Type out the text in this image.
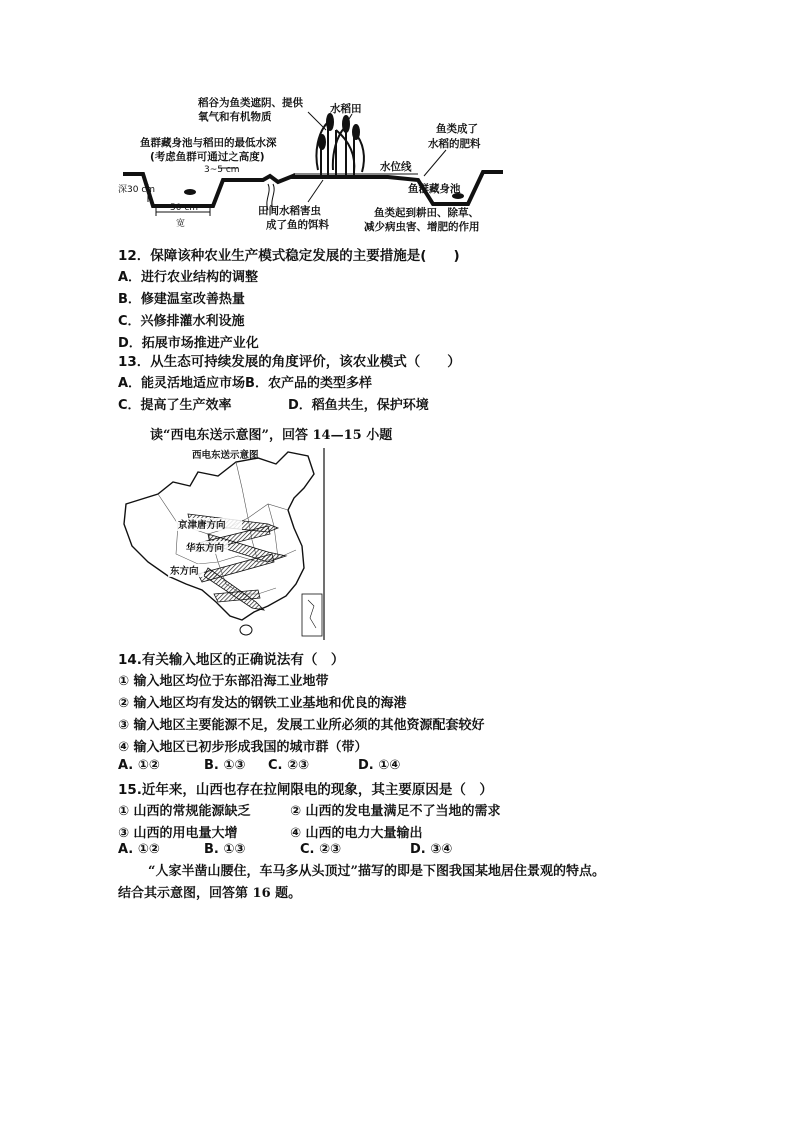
稻谷为鱼类遮阴、提供
氧气和有机物质
水稻田
鱼类成了
水稻的肥料
鱼群藏身池与稻田的最低水深
(考虑鱼群可通过之高度)
3~5 cm	水位线
深30 cm
50 cm
宽
鱼群藏身池
田间水稻害虫
成了鱼的饵料
鱼类起到耕田、除草、
减少病虫害、增肥的作用
12．保障该种农业生产模式稳定发展的主要措施是(　　)
A．进行农业结构的调整
B．修建温室改善热量
C．兴修排灌水利设施
D．拓展市场推进产业化
13．从生态可持续发展的角度评价，该农业模式（　　）
A．能灵活地适应市场B．农产品的类型多样
C．提高了生产效率	D．稻鱼共生，保护环境
读“西电东送示意图”，回答 14—15 小题
西电东送示意图
京津唐方向
华东方向
东方向
14.有关输入地区的正确说法有（　）
① 输入地区均位于东部沿海工业地带
② 输入地区均有发达的钢铁工业基地和优良的海港
③ 输入地区主要能源不足，发展工业所必须的其他资源配套较好
④ 输入地区已初步形成我国的城市群（带）
A. ①②	B. ①③ C. ②③	D. ①④
15.近年来，山西也存在拉闸限电的现象，其主要原因是（　）
① 山西的常规能源缺乏	② 山西的发电量满足不了当地的需求
③ 山西的用电量大增	④ 山西的电力大量输出
A. ①②	B. ①③	C. ②③	D. ③④
“人家半凿山腰住，车马多从头顶过”描写的即是下图我国某地居住景观的特点。
结合其示意图，回答第 16 题。
